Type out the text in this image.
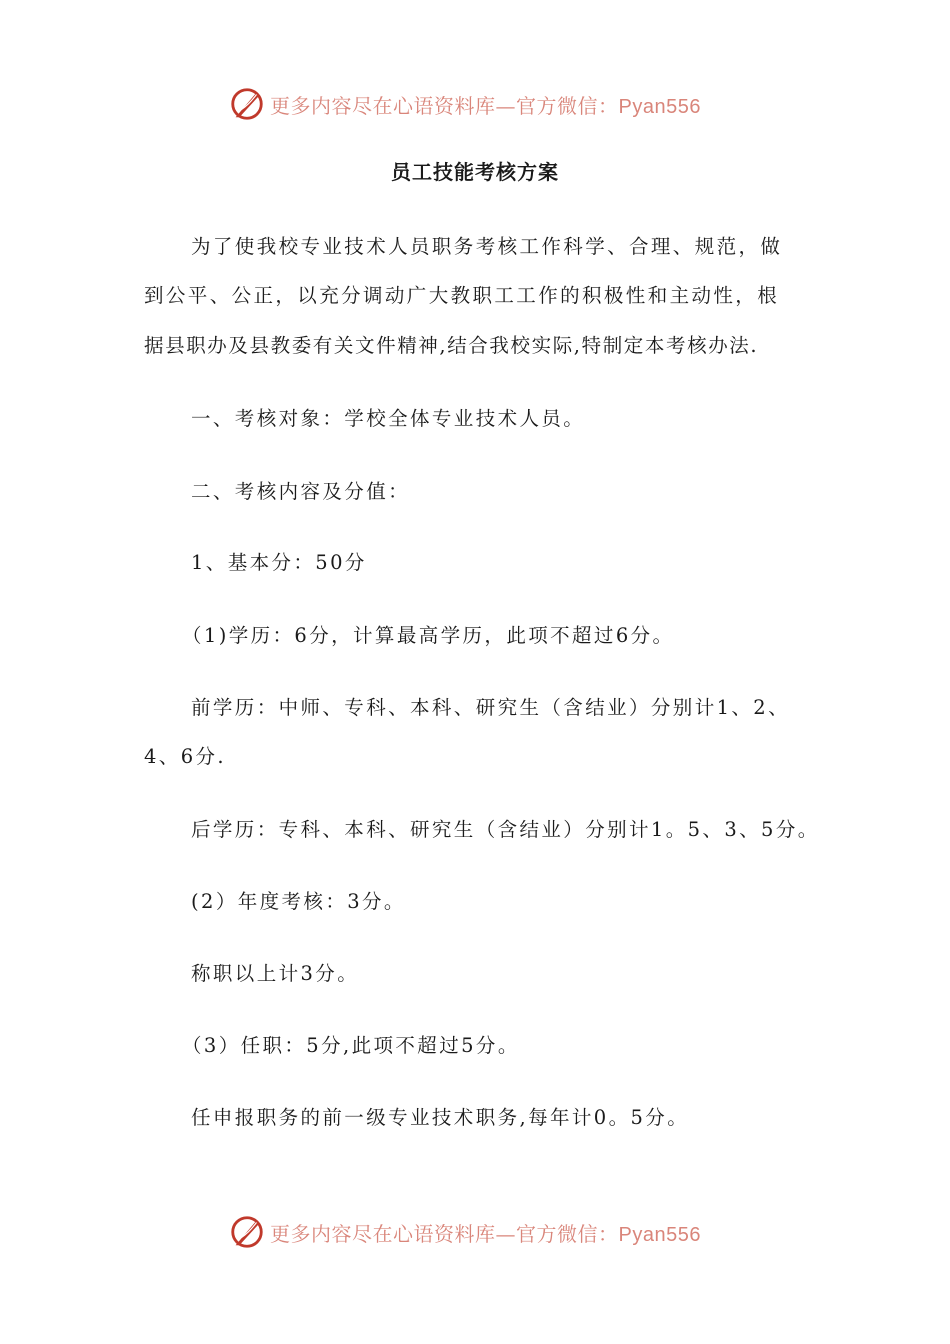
更多内容尽在心语资料库—官方微信：Pyan556
员工技能考核方案
为了使我校专业技术人员职务考核工作科学、合理、规范，做
到公平、公正，以充分调动广大教职工工作的积极性和主动性，根
据县职办及县教委有关文件精神,结合我校实际,特制定本考核办法.
一、考核对象：学校全体专业技术人员。
二、考核内容及分值：
1、基本分：50分
（1)学历：6分，计算最高学历，此项不超过6分。
前学历：中师、专科、本科、研究生（含结业）分别计1、2、
4、6分.
后学历：专科、本科、研究生（含结业）分别计1。5、3、5分。
(2）年度考核：3分。
称职以上计3分。
（3）任职：5分,此项不超过5分。
任申报职务的前一级专业技术职务,每年计0。5分。
更多内容尽在心语资料库—官方微信：Pyan556
